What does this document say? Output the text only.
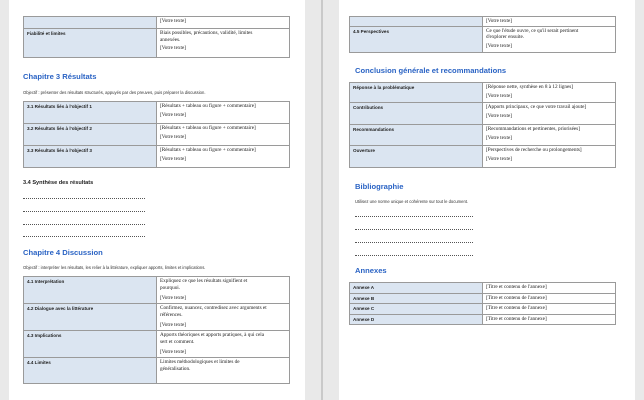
	[Votre texte]
Fiabilité et limites	Biais possibles, précautions, validité, limites
annexées.
[Votre texte]
Chapitre 3 Résultats
Objectif : présenter des résultats structurés, appuyés par des preuves, puis préparer la discussion.
3.1 Résultats liés à l'objectif 1	[Résultats + tableau ou figure + commentaire]
[Votre texte]

3.2 Résultats liés à l'objectif 2	[Résultats + tableau ou figure + commentaire]
[Votre texte]

3.3 Résultats liés à l'objectif 3	[Résultats + tableau ou figure + commentaire]
[Votre texte]
3.4 Synthèse des résultats
Chapitre 4 Discussion
Objectif : interpréter les résultats, les relier à la littérature, expliquer apports, limites et implications.
4.1 Interprétation	Expliquez ce que les résultats signifient et
pourquoi.
[Votre texte]

4.2 Dialogue avec la littérature	Confirmez, nuancez, contredisez avec arguments et
références.
[Votre texte]

4.3 Implications	Apports théoriques et apports pratiques, à qui cela
sert et comment.
[Votre texte]

4.4 Limites	Limites méthodologiques et limites de
généralisation.
	[Votre texte]
4.5 Perspectives	Ce que l'étude ouvre, ce qu'il serait pertinent
d'explorer ensuite.
[Votre texte]
Conclusion générale et recommandations
Réponse à la problématique	[Réponse nette, synthèse en 8 à 12 lignes]
[Votre texte]

Contributions	[Apports principaux, ce que votre travail ajoute]
[Votre texte]

Recommandations	[Recommandations et pertinentes, priorisées]
[Votre texte]

Ouverture	[Perspectives de recherche ou prolongements]
[Votre texte]
Bibliographie
Utilisez une norme unique et cohérente sur tout le document.
Annexes
Annexe A	[Titre et contenu de l'annexe]
Annexe B	[Titre et contenu de l'annexe]
Annexe C	[Titre et contenu de l'annexe]
Annexe D	[Titre et contenu de l'annexe]
